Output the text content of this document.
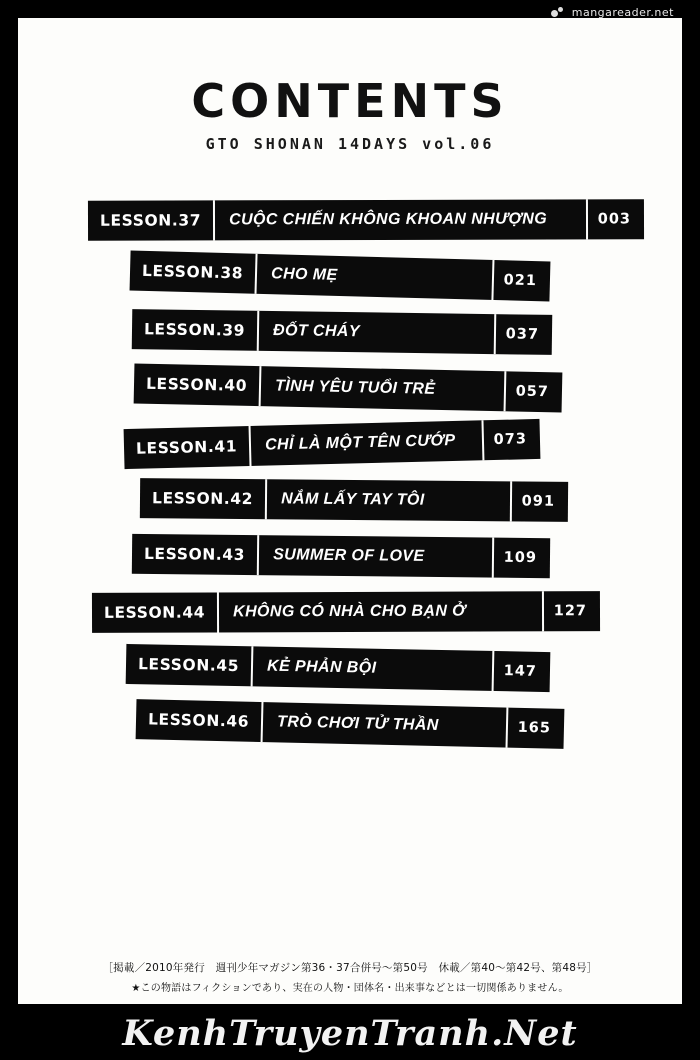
mangareader.net
CONTENTS
GTO SHONAN 14DAYS vol.06
LESSON.37	CUỘC CHIẾN KHÔNG KHOAN NHƯỢNG	003
LESSON.38	CHO MẸ	021
LESSON.39	ĐỐT CHÁY	037
LESSON.40	TÌNH YÊU TUỔI TRẺ	057
LESSON.41	CHỈ LÀ MỘT TÊN CƯỚP	073
LESSON.42	NẮM LẤY TAY TÔI	091
LESSON.43	SUMMER OF LOVE	109
LESSON.44	KHÔNG CÓ NHÀ CHO BẠN Ở	127
LESSON.45	KẺ PHẢN BỘI	147
LESSON.46	TRÒ CHƠI TỬ THẦN	165
［掲載／2010年発行　週刊少年マガジン第36・37合併号〜第50号　休載／第40〜第42号、第48号］
★この物語はフィクションであり、実在の人物・団体名・出来事などとは一切関係ありません。
KenhTruyenTranh.Net
